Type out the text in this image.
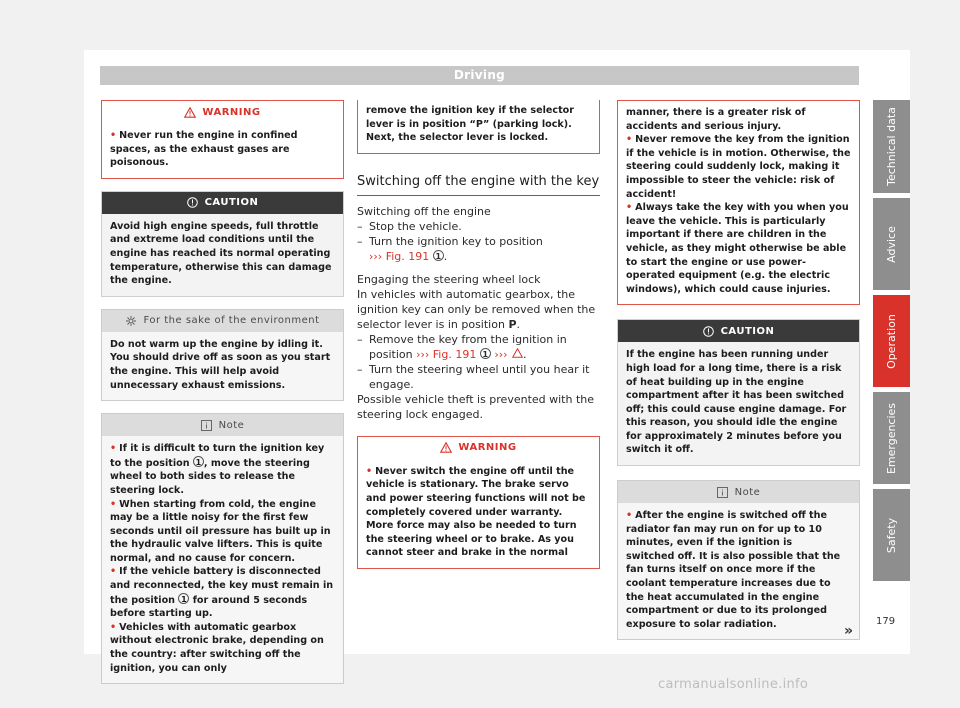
Driving
WARNING

• Never run the engine in confined spaces, as the exhaust gases are poisonous.

CAUTION

Avoid high engine speeds, full throttle and extreme load conditions until the engine has reached its normal operating temperature, otherwise this can damage the engine.

For the sake of the environment

Do not warm up the engine by idling it. You should drive off as soon as you start the engine. This will help avoid unnecessary exhaust emissions.

Note

• If it is difficult to turn the ignition key to the position 1 , move the steering wheel to both sides to release the steering lock.

• When starting from cold, the engine may be a little noisy for the first few seconds until oil pressure has built up in the hydraulic valve lifters. This is quite normal, and no cause for concern.

• If the vehicle battery is disconnected and reconnected, the key must remain in the position 1 for around 5 seconds before starting up.

• Vehicles with automatic gearbox without electronic brake, depending on the country: after switching off the ignition, you can only

remove the ignition key if the selector lever is in position “P” (parking lock). Next, the selector lever is locked.

Switching off the engine with the key

Switching off the engine

– Stop the vehicle.

– Turn the ignition key to position
››› Fig. 191 1 .

Engaging the steering wheel lock

In vehicles with automatic gearbox, the ignition key can only be removed when the selector lever is in position P.

– Remove the key from the ignition in position ››› Fig. 191 1 ››› .

– Turn the steering wheel until you hear it engage.

Possible vehicle theft is prevented with the steering lock engaged.

WARNING

• Never switch the engine off until the vehicle is stationary. The brake servo and power steering functions will not be completely covered under warranty. More force may also be needed to turn the steering wheel or to brake. As you cannot steer and brake in the normal

manner, there is a greater risk of accidents and serious injury.

• Never remove the key from the ignition if the vehicle is in motion. Otherwise, the steering could suddenly lock, making it impossible to steer the vehicle: risk of accident!

• Always take the key with you when you leave the vehicle. This is particularly important if there are children in the vehicle, as they might otherwise be able to start the engine or use power-operated equipment (e.g. the electric windows), which could cause injuries.

CAUTION

If the engine has been running under high load for a long time, there is a risk of heat building up in the engine compartment after it has been switched off; this could cause engine damage. For this reason, you should idle the engine for approximately 2 minutes before you switch it off.

Note

• After the engine is switched off the radiator fan may run on for up to 10 minutes, even if the ignition is switched off. It is also possible that the fan turns itself on once more if the coolant temperature increases due to the heat accumulated in the engine compartment or due to its prolonged exposure to solar radiation.	»
Technical data
Advice
Operation
Emergencies
Safety
179
carmanualsonline.info
